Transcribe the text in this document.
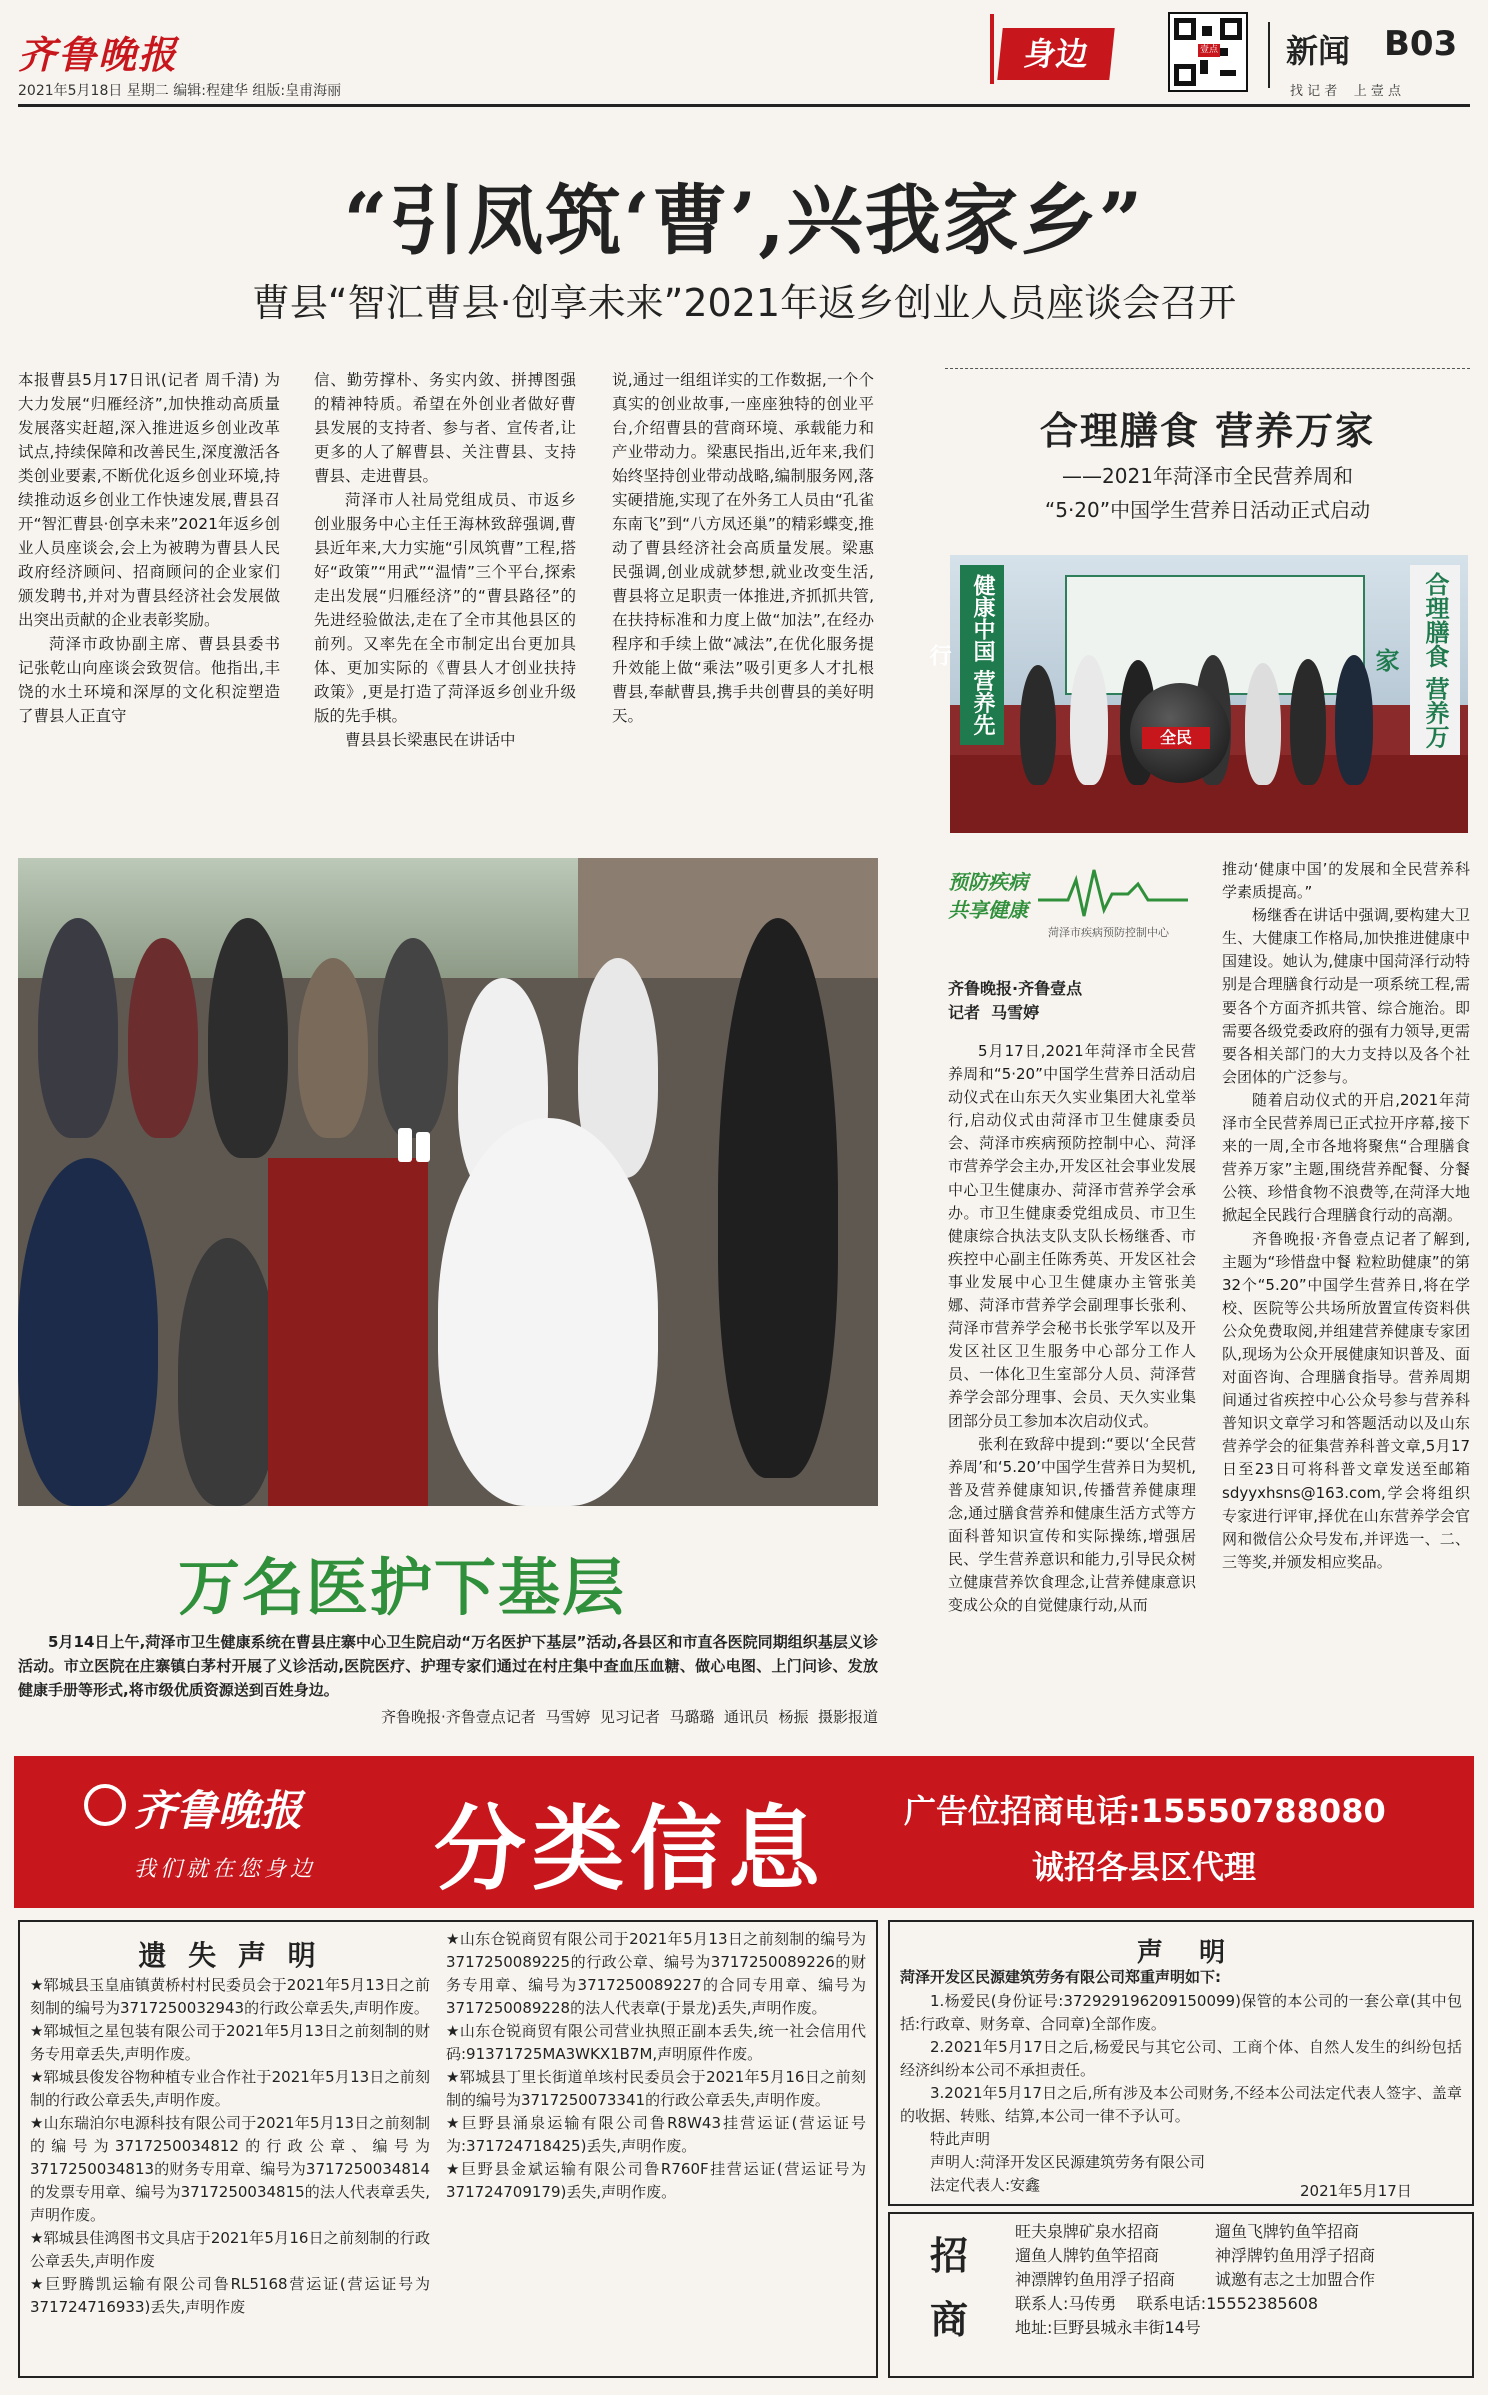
齐鲁晚报
2021年5月18日 星期二 编辑:程建华 组版:皇甫海丽
身边	壹点 新闻 B03
找 记 者    上 壹 点
“引凤筑‘曹’,兴我家乡”
曹县“智汇曹县·创享未来”2021年返乡创业人员座谈会召开

本报曹县5月17日讯(记者 周千清) 为大力发展“归雁经济”,加快推动高质量发展落实赶超,深入推进返乡创业改革试点,持续保障和改善民生,深度激活各类创业要素,不断优化返乡创业环境,持续推动返乡创业工作快速发展,曹县召开“智汇曹县·创享未来”2021年返乡创业人员座谈会,会上为被聘为曹县人民政府经济顾问、招商顾问的企业家们颁发聘书,并对为曹县经济社会发展做出突出贡献的企业表彰奖励。

菏泽市政协副主席、曹县县委书记张乾山向座谈会致贺信。他指出,丰饶的水土环境和深厚的文化积淀塑造了曹县人正直守

信、勤劳撑朴、务实内敛、拼搏图强的精神特质。希望在外创业者做好曹县发展的支持者、参与者、宣传者,让更多的人了解曹县、关注曹县、支持曹县、走进曹县。

菏泽市人社局党组成员、市返乡创业服务中心主任王海林致辞强调,曹县近年来,大力实施“引凤筑曹”工程,搭好“政策”“用武”“温情”三个平台,探索走出发展“归雁经济”的“曹县路径”的先进经验做法,走在了全市其他县区的前列。又率先在全市制定出台更加具体、更加实际的《曹县人才创业扶持政策》,更是打造了菏泽返乡创业升级版的先手棋。

曹县县长梁惠民在讲话中

说,通过一组组详实的工作数据,一个个真实的创业故事,一座座独特的创业平台,介绍曹县的营商环境、承载能力和产业带动力。梁惠民指出,近年来,我们始终坚持创业带动战略,编制服务网,落实硬措施,实现了在外务工人员由“孔雀东南飞”到“八方凤还巢”的精彩蝶变,推动了曹县经济社会高质量发展。梁惠民强调,创业成就梦想,就业改变生活,曹县将立足职责一体推进,齐抓抓共管,在扶持标准和力度上做“加法”,在经办程序和手续上做“减法”,在优化服务提升效能上做“乘法”吸引更多人才扎根曹县,奉献曹县,携手共创曹县的美好明天。

合理膳食 营养万家
——2021年菏泽市全民营养周和
“5·20”中国学生营养日活动正式启动
健康中国 营养先行	合理膳食 营养万家
全民
预防疾病
共享健康
菏泽市疾病预防控制中心
齐鲁晚报·齐鲁壹点
记者  马雪婷

5月17日,2021年菏泽市全民营养周和“5·20”中国学生营养日活动启动仪式在山东天久实业集团大礼堂举行,启动仪式由菏泽市卫生健康委员会、菏泽市疾病预防控制中心、菏泽市营养学会主办,开发区社会事业发展中心卫生健康办、菏泽市营养学会承办。市卫生健康委党组成员、市卫生健康综合执法支队支队长杨继香、市疾控中心副主任陈秀英、开发区社会事业发展中心卫生健康办主管张美娜、菏泽市营养学会副理事长张利、菏泽市营养学会秘书长张学军以及开发区社区卫生服务中心部分工作人员、一体化卫生室部分人员、菏泽营养学会部分理事、会员、天久实业集团部分员工参加本次启动仪式。

张利在致辞中提到:“要以‘全民营养周’和‘5.20’中国学生营养日为契机,普及营养健康知识,传播营养健康理念,通过膳食营养和健康生活方式等方面科普知识宣传和实际操练,增强居民、学生营养意识和能力,引导民众树立健康营养饮食理念,让营养健康意识变成公众的自觉健康行动,从而

推动‘健康中国’的发展和全民营养科学素质提高。”

杨继香在讲话中强调,要构建大卫生、大健康工作格局,加快推进健康中国建设。她认为,健康中国菏泽行动特别是合理膳食行动是一项系统工程,需要各个方面齐抓共管、综合施治。即需要各级党委政府的强有力领导,更需要各相关部门的大力支持以及各个社会团体的广泛参与。

随着启动仪式的开启,2021年菏泽市全民营养周已正式拉开序幕,接下来的一周,全市各地将聚焦“合理膳食 营养万家”主题,围绕营养配餐、分餐公筷、珍惜食物不浪费等,在菏泽大地掀起全民践行合理膳食行动的高潮。

齐鲁晚报·齐鲁壹点记者了解到,主题为“珍惜盘中餐 粒粒助健康”的第32个“5.20”中国学生营养日,将在学校、医院等公共场所放置宣传资料供公众免费取阅,并组建营养健康专家团队,现场为公众开展健康知识普及、面对面咨询、合理膳食指导。营养周期间通过省疾控中心公众号参与营养科普知识文章学习和答题活动以及山东营养学会的征集营养科普文章,5月17日至23日可将科普文章发送至邮箱sdyyxhsns@163.com,学会将组织专家进行评审,择优在山东营养学会官网和微信公众号发布,并评选一、二、三等奖,并颁发相应奖品。

万名医护下基层
5月14日上午,菏泽市卫生健康系统在曹县庄寨中心卫生院启动“万名医护下基层”活动,各县区和市直各医院同期组织基层义诊活动。市立医院在庄寨镇白茅村开展了义诊活动,医院医疗、护理专家们通过在村庄集中查血压血糖、做心电图、上门问诊、发放健康手册等形式,将市级优质资源送到百姓身边。
齐鲁晚报·齐鲁壹点记者  马雪婷  见习记者  马璐璐  通讯员  杨振  摄影报道
齐鲁晚报
我们就在您身边 分类信息 广告位招商电话:15550788080
诚招各县区代理
遗 失 声 明
★郓城县玉皇庙镇黄桥村村民委员会于2021年5月13日之前刻制的编号为3717250032943的行政公章丢失,声明作废。
★郓城恒之星包装有限公司于2021年5月13日之前刻制的财务专用章丢失,声明作废。
★郓城县俊发谷物种植专业合作社于2021年5月13日之前刻制的行政公章丢失,声明作废。
★山东瑞泊尔电源科技有限公司于2021年5月13日之前刻制的编号为3717250034812的行政公章、编号为3717250034813的财务专用章、编号为3717250034814的发票专用章、编号为3717250034815的法人代表章丢失,声明作废。
★郓城县佳鸿图书文具店于2021年5月16日之前刻制的行政公章丢失,声明作废
★巨野腾凯运输有限公司鲁RL5168营运证(营运证号为371724716933)丢失,声明作废
★山东仓锐商贸有限公司于2021年5月13日之前刻制的编号为3717250089225的行政公章、编号为3717250089226的财务专用章、编号为3717250089227的合同专用章、编号为3717250089228的法人代表章(于景龙)丢失,声明作废。
★山东仓锐商贸有限公司营业执照正副本丢失,统一社会信用代码:91371725MA3WKX1B7M,声明原件作废。
★郓城县丁里长街道单垓村民委员会于2021年5月16日之前刻制的编号为3717250073341的行政公章丢失,声明作废。
★巨野县涌泉运输有限公司鲁R8W43挂营运证(营运证号为:371724718425)丢失,声明作废。
★巨野县金斌运输有限公司鲁R760F挂营运证(营运证号为371724709179)丢失,声明作废。
声    明
菏泽开发区民源建筑劳务有限公司郑重声明如下:
1.杨爱民(身份证号:372929196209150099)保管的本公司的一套公章(其中包括:行政章、财务章、合同章)全部作废。
2.2021年5月17日之后,杨爱民与其它公司、工商个体、自然人发生的纠纷包括经济纠纷本公司不承担责任。
3.2021年5月17日之后,所有涉及本公司财务,不经本公司法定代表人签字、盖章的收据、转账、结算,本公司一律不予认可。
特此声明
声明人:菏泽开发区民源建筑劳务有限公司
法定代表人:安鑫	2021年5月17日
招商
旺夫泉牌矿泉水招商	遛鱼飞牌钓鱼竿招商
遛鱼人牌钓鱼竿招商	神浮牌钓鱼用浮子招商
神漂牌钓鱼用浮子招商	诚邀有志之士加盟合作
联系人:马传勇    联系电话:15552385608
地址:巨野县城永丰街14号
